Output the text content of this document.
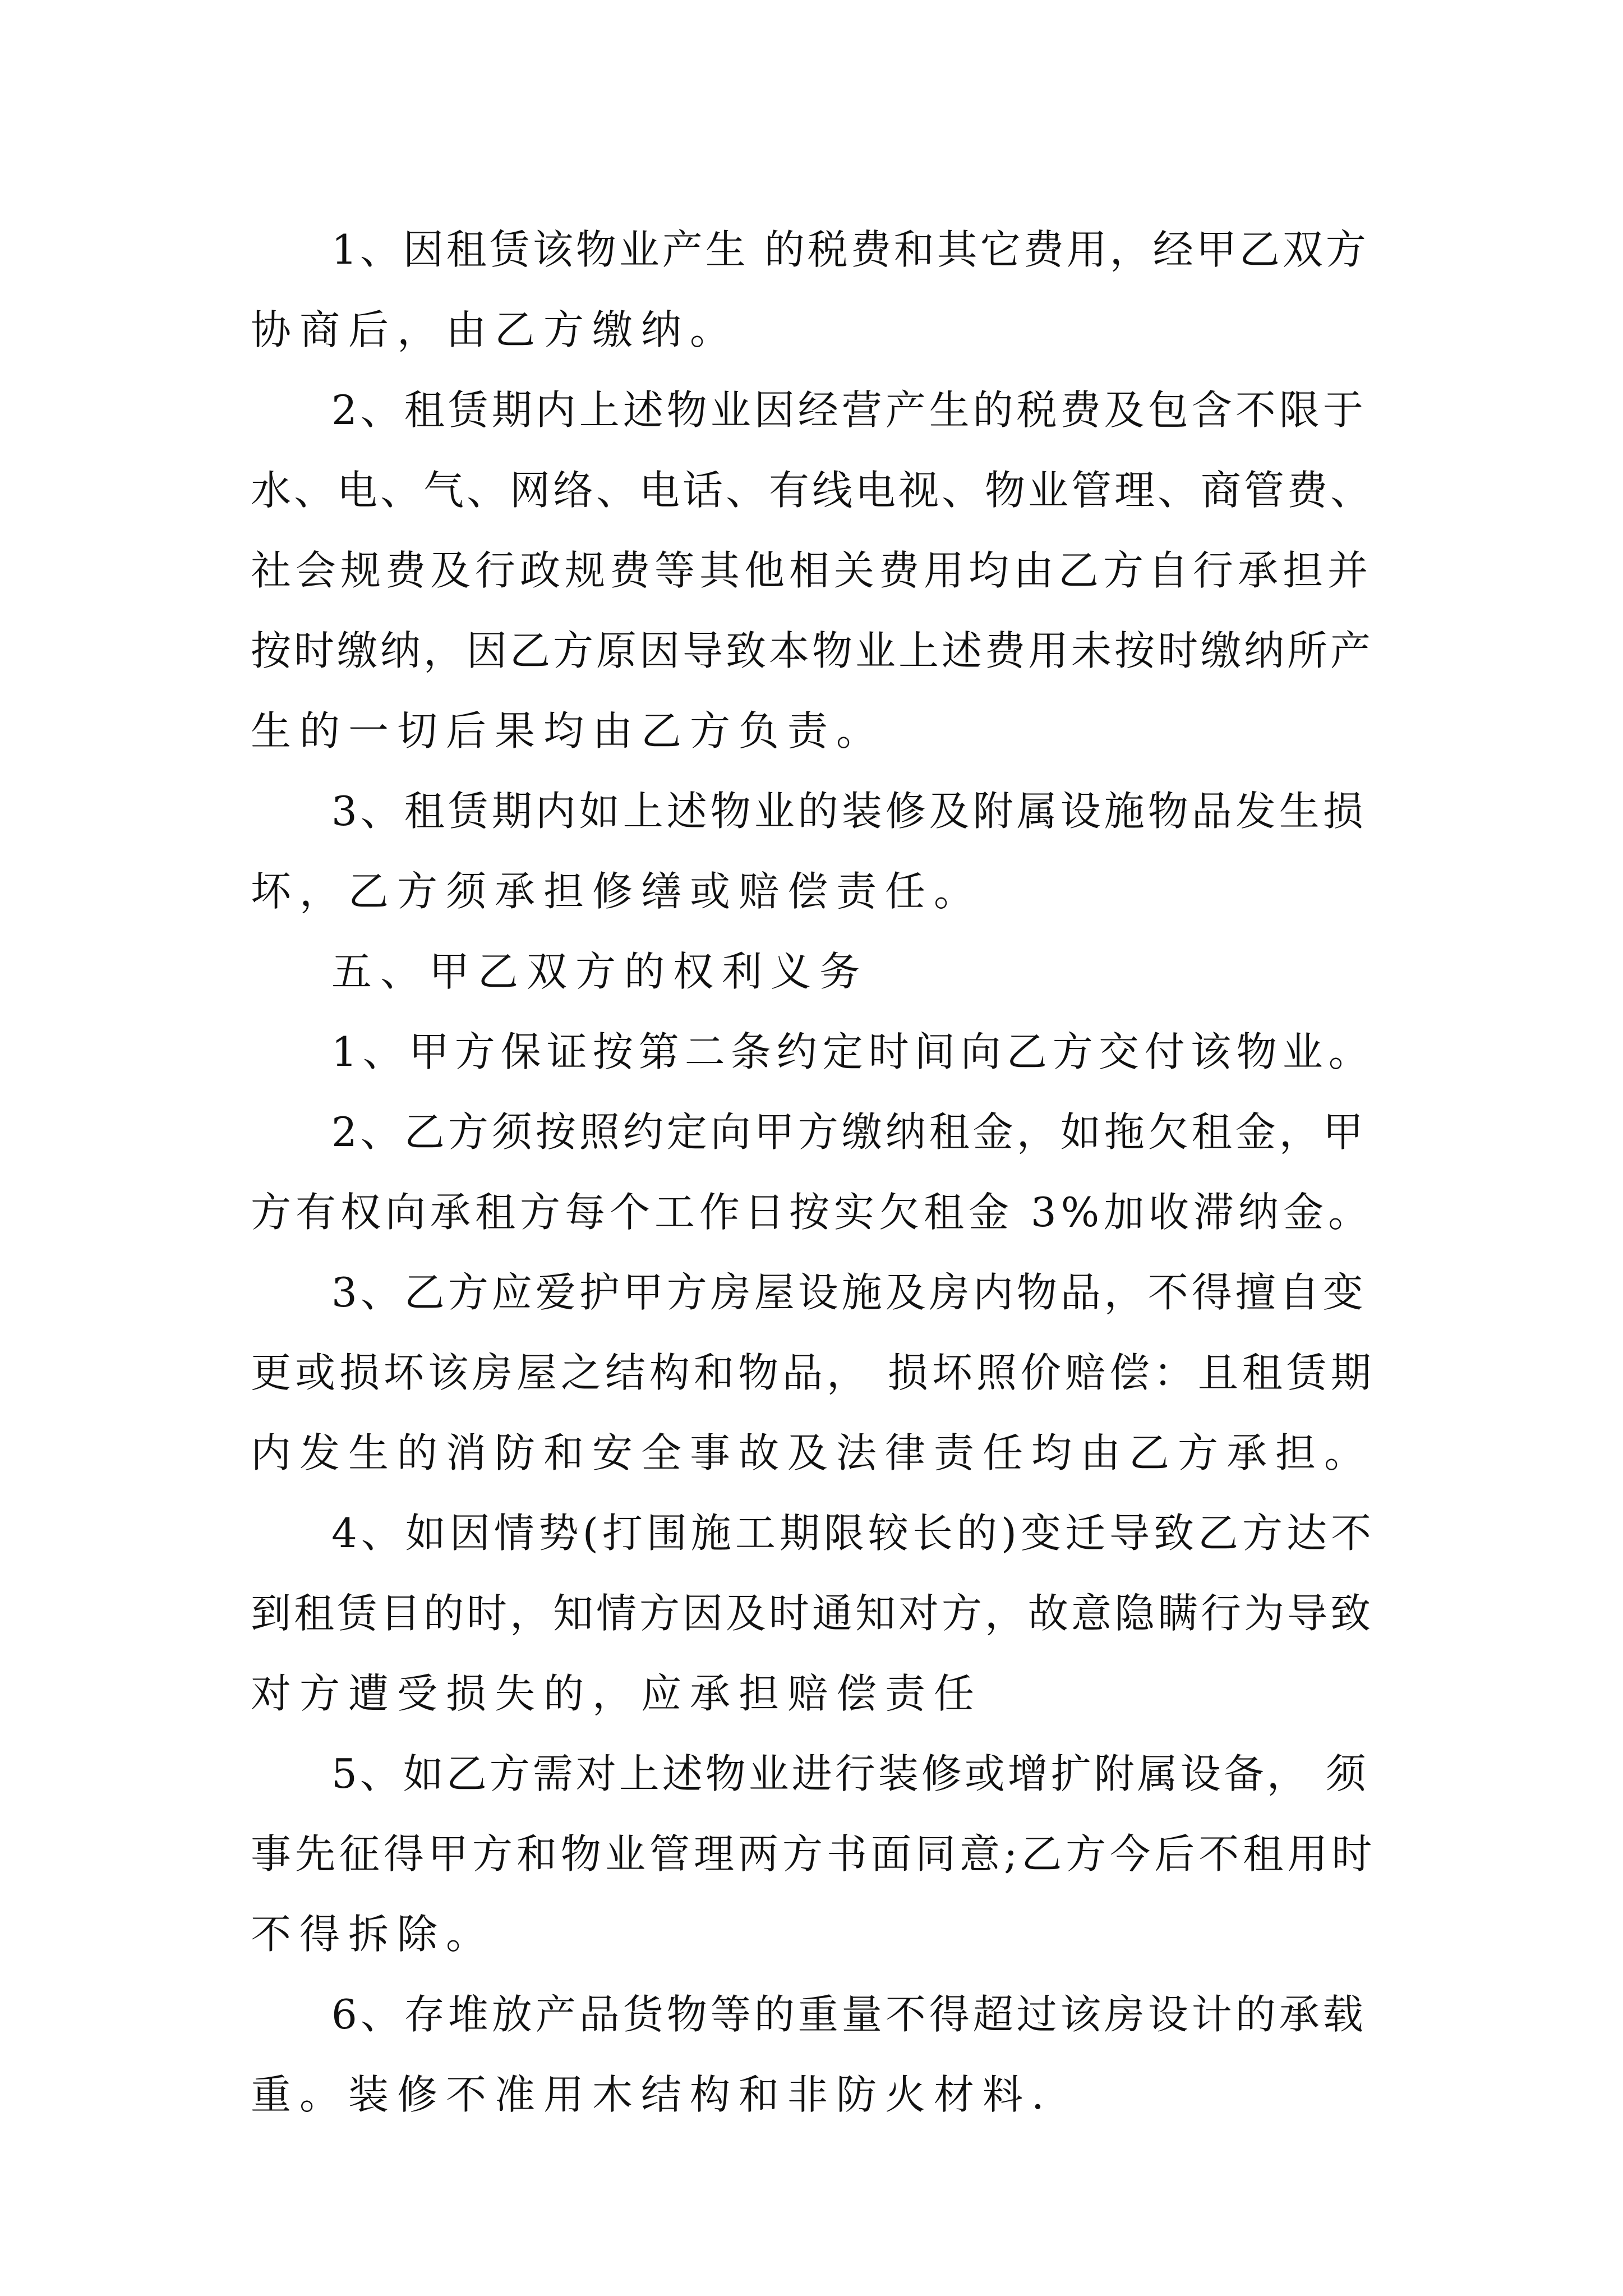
1、因租赁该物业产生 的税费和其它费用，经甲乙双方

协商后，由乙方缴纳。

2、租赁期内上述物业因经营产生的税费及包含不限于

水、电、气、网络、电话、有线电视、物业管理、商管费、

社会规费及行政规费等其他相关费用均由乙方自行承担并

按时缴纳，因乙方原因导致本物业上述费用未按时缴纳所产

生的一切后果均由乙方负责。

3、租赁期内如上述物业的装修及附属设施物品发生损

坏，乙方须承担修缮或赔偿责任。

五、甲乙双方的权利义务

1、甲方保证按第二条约定时间向乙方交付该物业。

2、乙方须按照约定向甲方缴纳租金，如拖欠租金，甲

方有权向承租方每个工作日按实欠租金 3%加收滞纳金。

3、乙方应爱护甲方房屋设施及房内物品，不得擅自变

更或损坏该房屋之结构和物品， 损坏照价赔偿：且租赁期

内发生的消防和安全事故及法律责任均由乙方承担。

4、如因情势(打围施工期限较长的)变迁导致乙方达不

到租赁目的时，知情方因及时通知对方，故意隐瞒行为导致

对方遭受损失的，应承担赔偿责任

5、如乙方需对上述物业进行装修或增扩附属设备， 须

事先征得甲方和物业管理两方书面同意;乙方今后不租用时

不得拆除。

6、存堆放产品货物等的重量不得超过该房设计的承载

重。装修不准用木结构和非防火材料.
